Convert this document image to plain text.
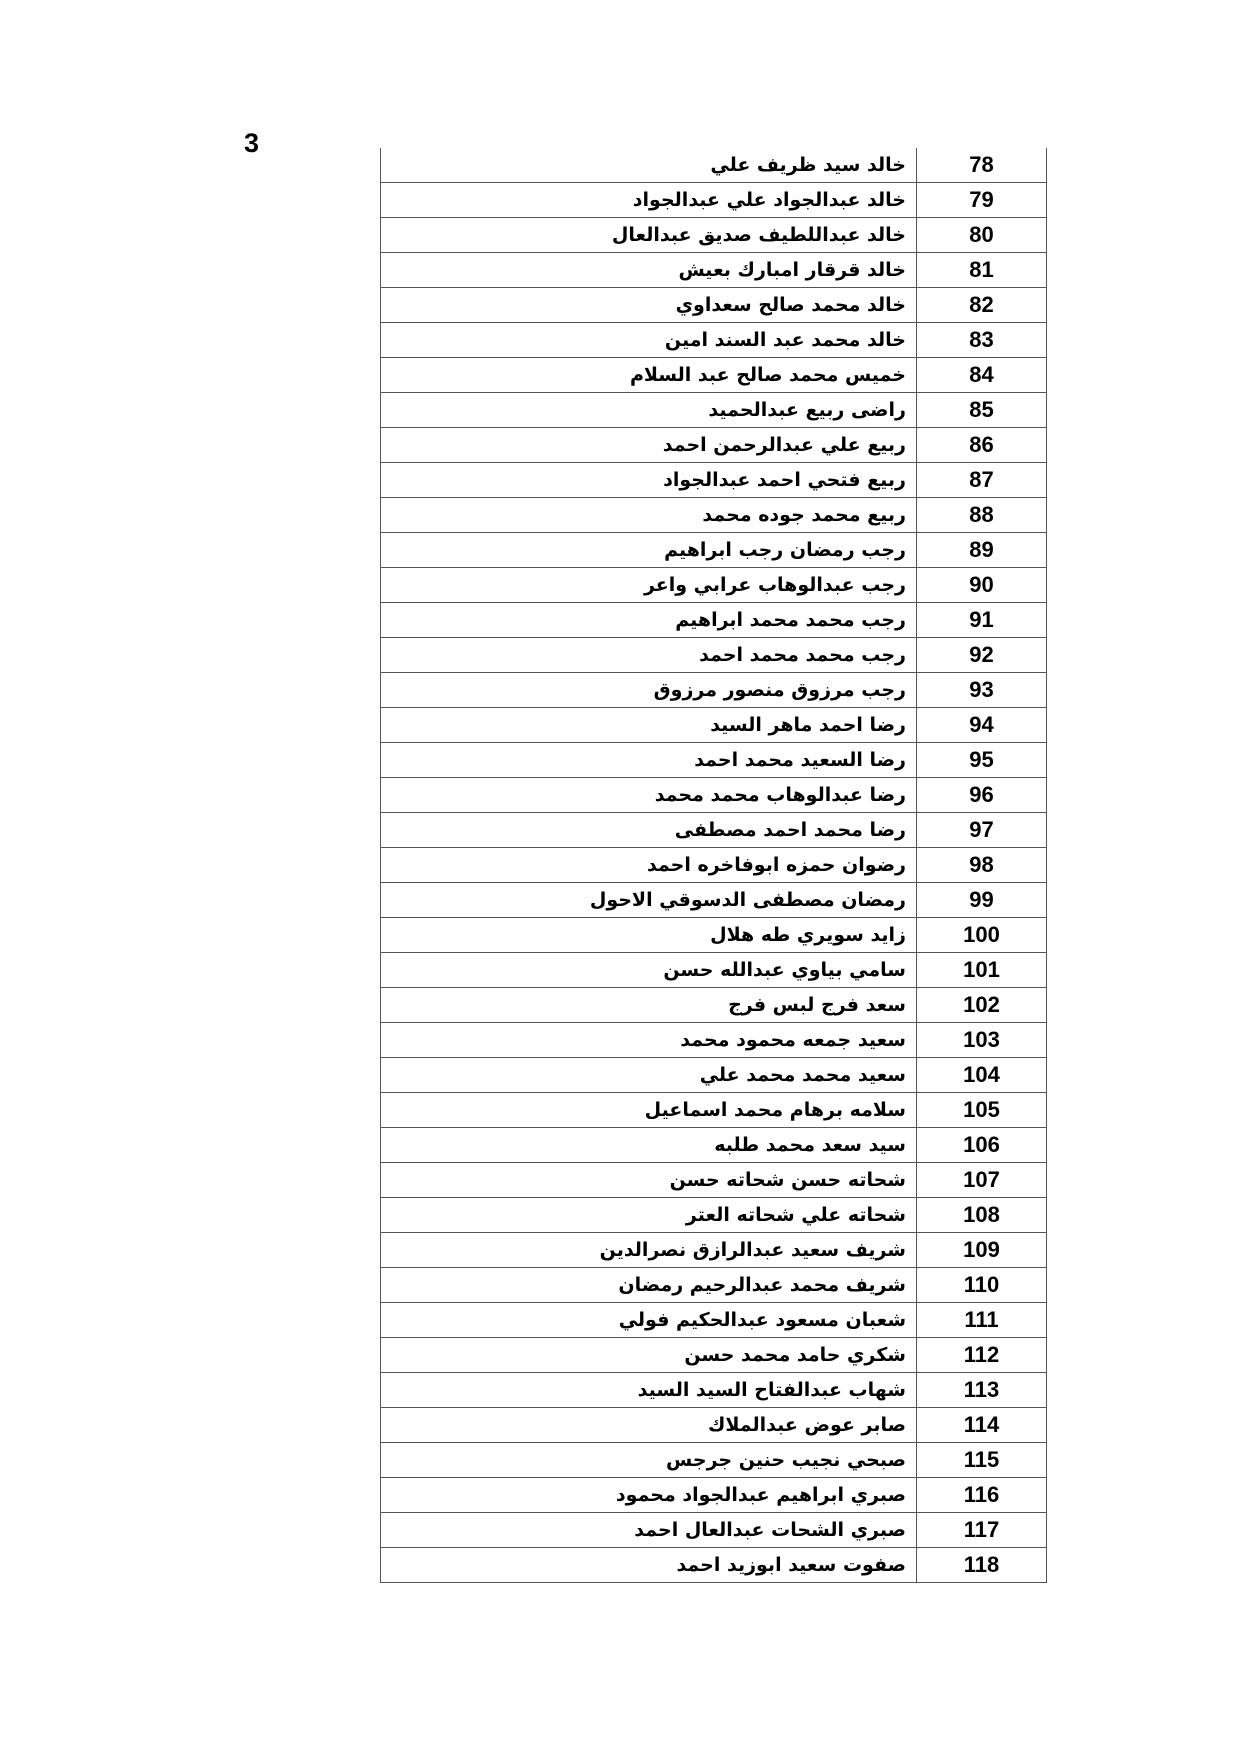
3
خالد سيد ظريف علي	78
خالد عبدالجواد علي عبدالجواد	79
خالد عبداللطيف صديق عبدالعال	80
خالد قرقار امبارك بعيش	81
خالد محمد صالح سعداوي	82
خالد محمد عبد السند امين	83
خميس محمد صالح عبد السلام	84
راضى ربيع عبدالحميد	85
ربيع علي عبدالرحمن احمد	86
ربيع فتحي احمد عبدالجواد	87
ربيع محمد جوده محمد	88
رجب رمضان رجب ابراهيم	89
رجب عبدالوهاب عرابي واعر	90
رجب محمد محمد ابراهيم	91
رجب محمد محمد احمد	92
رجب مرزوق منصور مرزوق	93
رضا احمد ماهر السيد	94
رضا السعيد محمد احمد	95
رضا عبدالوهاب محمد محمد	96
رضا محمد احمد مصطفى	97
رضوان حمزه ابوفاخره احمد	98
رمضان مصطفى الدسوقي الاحول	99
زايد سويري طه هلال	100
سامي بياوي عبدالله حسن	101
سعد فرج لبس فرج	102
سعيد جمعه محمود محمد	103
سعيد محمد محمد علي	104
سلامه برهام محمد اسماعيل	105
سيد سعد محمد طلبه	106
شحاته حسن شحاته حسن	107
شحاته علي شحاته العتر	108
شريف سعيد عبدالرازق نصرالدين	109
شريف محمد عبدالرحيم رمضان	110
شعبان مسعود عبدالحكيم فولي	111
شكري حامد محمد حسن	112
شهاب عبدالفتاح السيد السيد	113
صابر عوض عبدالملاك	114
صبحي نجيب حنين جرجس	115
صبري ابراهيم عبدالجواد محمود	116
صبري الشحات عبدالعال احمد	117
صفوت سعيد ابوزيد احمد	118
